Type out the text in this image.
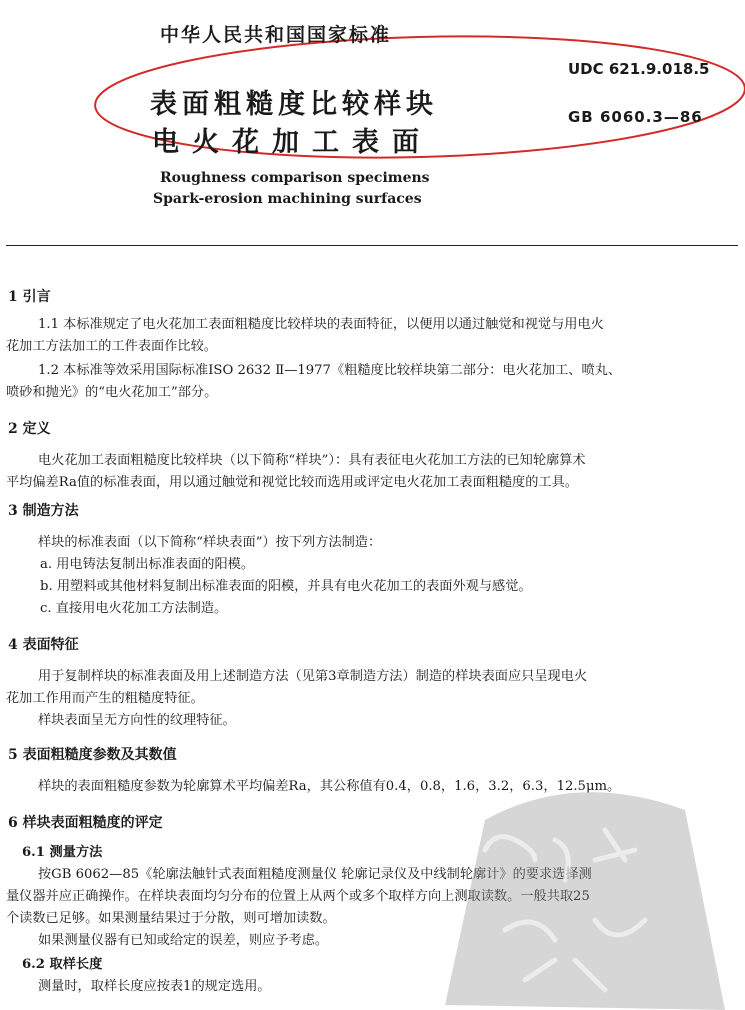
中华人民共和国国家标准
表面粗糙度比较样块
电火花加工表面
UDC 621.9.018.5
GB 6060.3—86
Roughness comparison specimens
Spark-erosion machining surfaces
1 引言
1.1 本标准规定了电火花加工表面粗糙度比较样块的表面特征，以便用以通过触觉和视觉与用电火
花加工方法加工的工件表面作比较。
1.2 本标准等效采用国际标准ISO 2632 Ⅱ—1977《粗糙度比较样块第二部分：电火花加工、喷丸、
喷砂和抛光》的“电火花加工”部分。
2 定义
电火花加工表面粗糙度比较样块（以下简称“样块”）：具有表征电火花加工方法的已知轮廓算术
平均偏差Ra值的标准表面，用以通过触觉和视觉比较而选用或评定电火花加工表面粗糙度的工具。
3 制造方法
样块的标准表面（以下简称“样块表面”）按下列方法制造：
a. 用电铸法复制出标准表面的阳模。
b. 用塑料或其他材料复制出标准表面的阳模，并具有电火花加工的表面外观与感觉。
c. 直接用电火花加工方法制造。
4 表面特征
用于复制样块的标准表面及用上述制造方法（见第3章制造方法）制造的样块表面应只呈现电火
花加工作用而产生的粗糙度特征。
样块表面呈无方向性的纹理特征。
5 表面粗糙度参数及其数值
样块的表面粗糙度参数为轮廓算术平均偏差Ra，其公称值有0.4，0.8，1.6，3.2，6.3，12.5μm。
6 样块表面粗糙度的评定
6.1 测量方法
按GB 6062—85《轮廓法触针式表面粗糙度测量仪 轮廓记录仪及中线制轮廓计》的要求选择测
量仪器并应正确操作。在样块表面均匀分布的位置上从两个或多个取样方向上测取读数。一般共取25
个读数已足够。如果测量结果过于分散，则可增加读数。
如果测量仪器有已知或给定的误差，则应予考虑。
6.2 取样长度
测量时，取样长度应按表1的规定选用。
